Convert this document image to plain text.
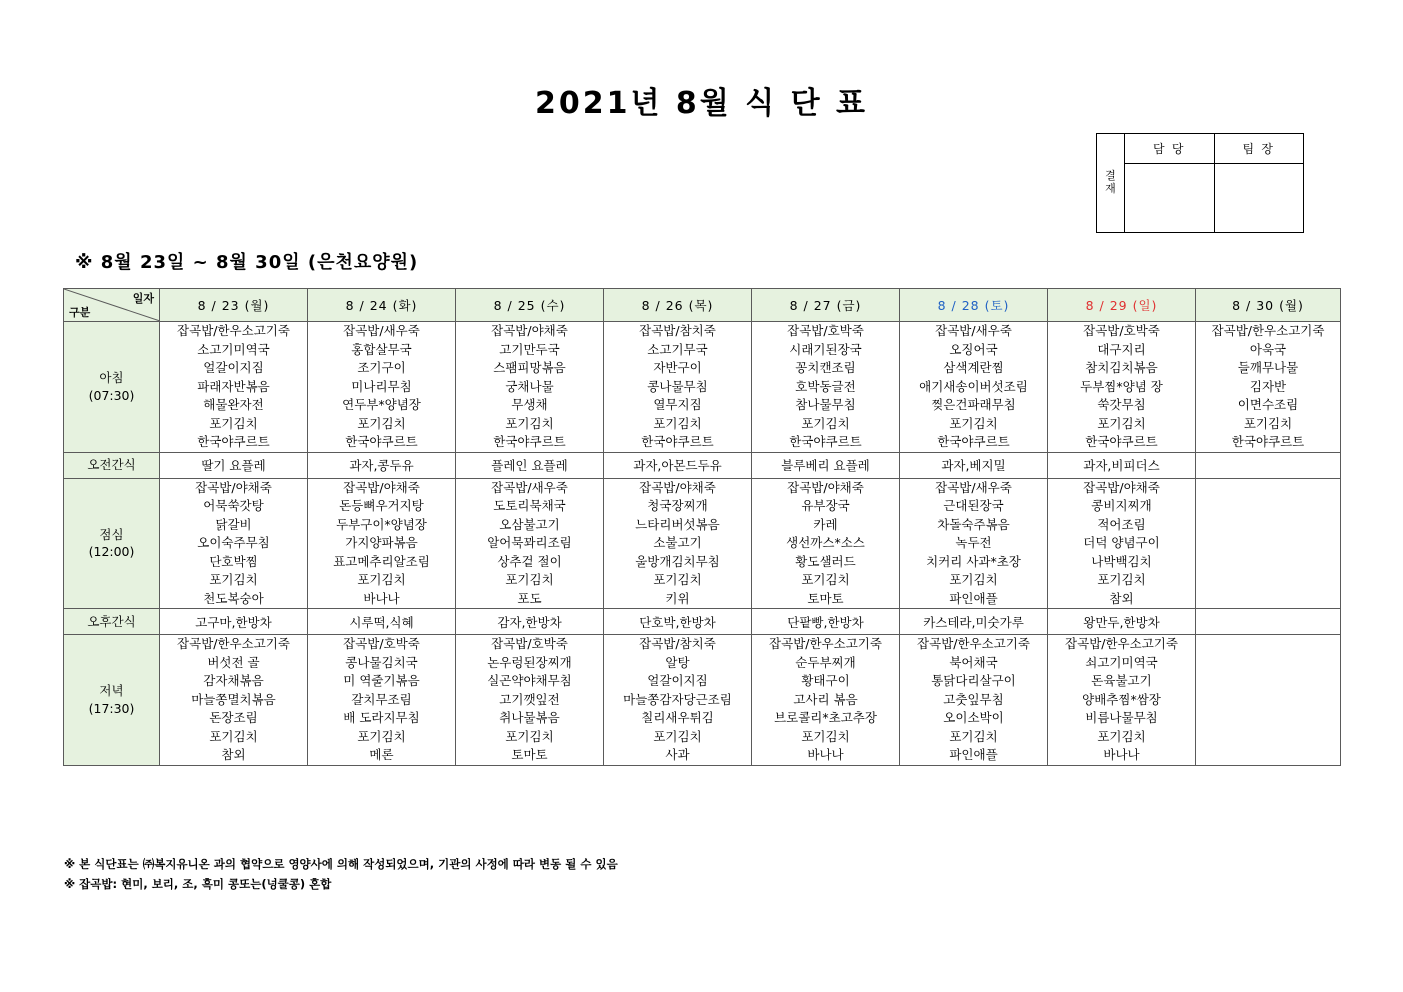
2021년 8월 식 단 표
결
재
담 당	팀 장
※ 8월 23일 ~ 8월 30일 (은천요양원)
일자
구분	8 / 23 (월)	8 / 24 (화)	8 / 25 (수)	8 / 26 (목)	8 / 27 (금)	8 / 28 (토)	8 / 29 (일)	8 / 30 (월)
아침
(07:30)	잡곡밥/한우소고기죽
소고기미역국
얼갈이지짐
파래자반볶음
해물완자전
포기김치
한국야쿠르트	잡곡밥/새우죽
홍합살무국
조기구이
미나리무침
연두부*양념장
포기김치
한국야쿠르트	잡곡밥/야채죽
고기만두국
스팸피망볶음
궁채나물
무생채
포기김치
한국야쿠르트	잡곡밥/참치죽
소고기무국
자반구이
콩나물무침
열무지짐
포기김치
한국야쿠르트	잡곡밥/호박죽
시래기된장국
꽁치캔조림
호박동글전
참나물무침
포기김치
한국야쿠르트	잡곡밥/새우죽
오징어국
삼색계란찜
애기새송이버섯조림
찢은건파래무침
포기김치
한국야쿠르트	잡곡밥/호박죽
대구지리
참치김치볶음
두부찜*양념 장
쑥갓무침
포기김치
한국야쿠르트	잡곡밥/한우소고기죽
아욱국
들깨무나물
김자반
이면수조림
포기김치
한국야쿠르트
오전간식	딸기 요플레	과자,콩두유	플레인 요플레	과자,아몬드두유	블루베리 요플레	과자,베지밀	과자,비피더스	
점심
(12:00)	잡곡밥/야채죽
어묵쑥갓탕
닭갈비
오이숙주무침
단호박찜
포기김치
천도복숭아	잡곡밥/야채죽
돈등뼈우거지탕
두부구이*양념장
가지양파볶음
표고메추리알조림
포기김치
바나나	잡곡밥/새우죽
도토리묵채국
오삼불고기
알어묵꽈리조림
상추겉 절이
포기김치
포도	잡곡밥/야채죽
청국장찌개
느타리버섯볶음
소불고기
울방개김치무침
포기김치
키위	잡곡밥/야채죽
유부장국
카레
생선까스*소스
황도샐러드
포기김치
토마토	잡곡밥/새우죽
근대된장국
차돌숙주볶음
녹두전
치커리 사과*초장
포기김치
파인애플	잡곡밥/야채죽
콩비지찌개
적어조림
더덕 양념구이
나박백김치
포기김치
참외	
오후간식	고구마,한방차	시루떡,식혜	감자,한방차	단호박,한방차	단팥빵,한방차	카스테라,미숫가루	왕만두,한방차	
저녁
(17:30)	잡곡밥/한우소고기죽
버섯전 골
감자채볶음
마늘쫑멸치볶음
돈장조림
포기김치
참외	잡곡밥/호박죽
콩나물김치국
미 역줄기볶음
갈치무조림
배 도라지무침
포기김치
메론	잡곡밥/호박죽
논우렁된장찌개
실곤약야채무침
고기깻잎전
취나물볶음
포기김치
토마토	잡곡밥/참치죽
알탕
얼갈이지짐
마늘쫑감자당근조림
칠리새우튀김
포기김치
사과	잡곡밥/한우소고기죽
순두부찌개
황태구이
고사리 볶음
브로콜리*초고추장
포기김치
바나나	잡곡밥/한우소고기죽
북어채국
통닭다리살구이
고춧잎무침
오이소박이
포기김치
파인애플	잡곡밥/한우소고기죽
쇠고기미역국
돈육불고기
양배추찜*쌈장
비름나물무침
포기김치
바나나	
※ 본 식단표는 ㈜복지유니온 과의 협약으로 영양사에 의해 작성되었으며, 기관의 사정에 따라 변동 될 수 있음
※ 잡곡밥: 현미, 보리, 조, 흑미 콩또는(넝쿨콩) 혼합
